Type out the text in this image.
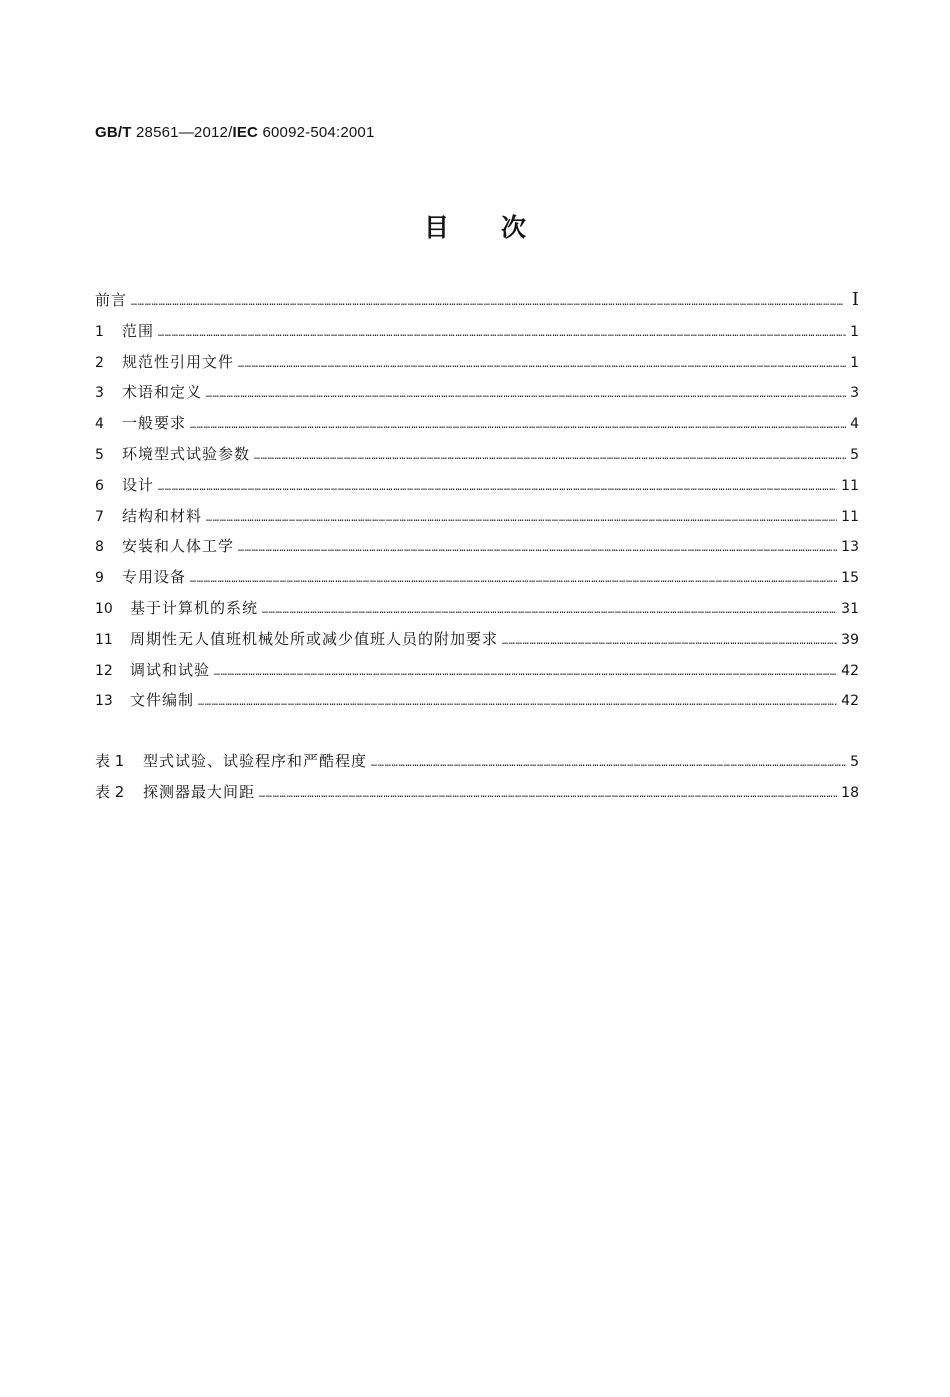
GB/T 28561—2012/IEC 60092-504:2001
目次
前言 ……………………………………………………………………………………………………………………………………………………………………………………………………………………………………………………………………………………………………………………	I
1	范围 ……………………………………………………………………………………………………………………………………………………………………………………………………………………………………………………………………………………………………………………	1
2	规范性引用文件 ……………………………………………………………………………………………………………………………………………………………………………………………………………………………………………………………………………………………………………………	1
3	术语和定义 ……………………………………………………………………………………………………………………………………………………………………………………………………………………………………………………………………………………………………………………	3
4	一般要求 ……………………………………………………………………………………………………………………………………………………………………………………………………………………………………………………………………………………………………………………	4
5	环境型式试验参数 ……………………………………………………………………………………………………………………………………………………………………………………………………………………………………………………………………………………………………………………	5
6	设计 ……………………………………………………………………………………………………………………………………………………………………………………………………………………………………………………………………………………………………………………	11
7	结构和材料 ……………………………………………………………………………………………………………………………………………………………………………………………………………………………………………………………………………………………………………………	11
8	安装和人体工学 ……………………………………………………………………………………………………………………………………………………………………………………………………………………………………………………………………………………………………………………	13
9	专用设备 ……………………………………………………………………………………………………………………………………………………………………………………………………………………………………………………………………………………………………………………	15
10	基于计算机的系统 ……………………………………………………………………………………………………………………………………………………………………………………………………………………………………………………………………………………………………………………	31
11	周期性无人值班机械处所或减少值班人员的附加要求 ……………………………………………………………………………………………………………………………………………………………………………………………………………………………………………………………………………………………………………………	39
12	调试和试验 ……………………………………………………………………………………………………………………………………………………………………………………………………………………………………………………………………………………………………………………	42
13	文件编制 ……………………………………………………………………………………………………………………………………………………………………………………………………………………………………………………………………………………………………………………	42
表 1	型式试验、试验程序和严酷程度 ……………………………………………………………………………………………………………………………………………………………………………………………………………………………………………………………………………………………………………………	5
表 2	探测器最大间距 ……………………………………………………………………………………………………………………………………………………………………………………………………………………………………………………………………………………………………………………	18
